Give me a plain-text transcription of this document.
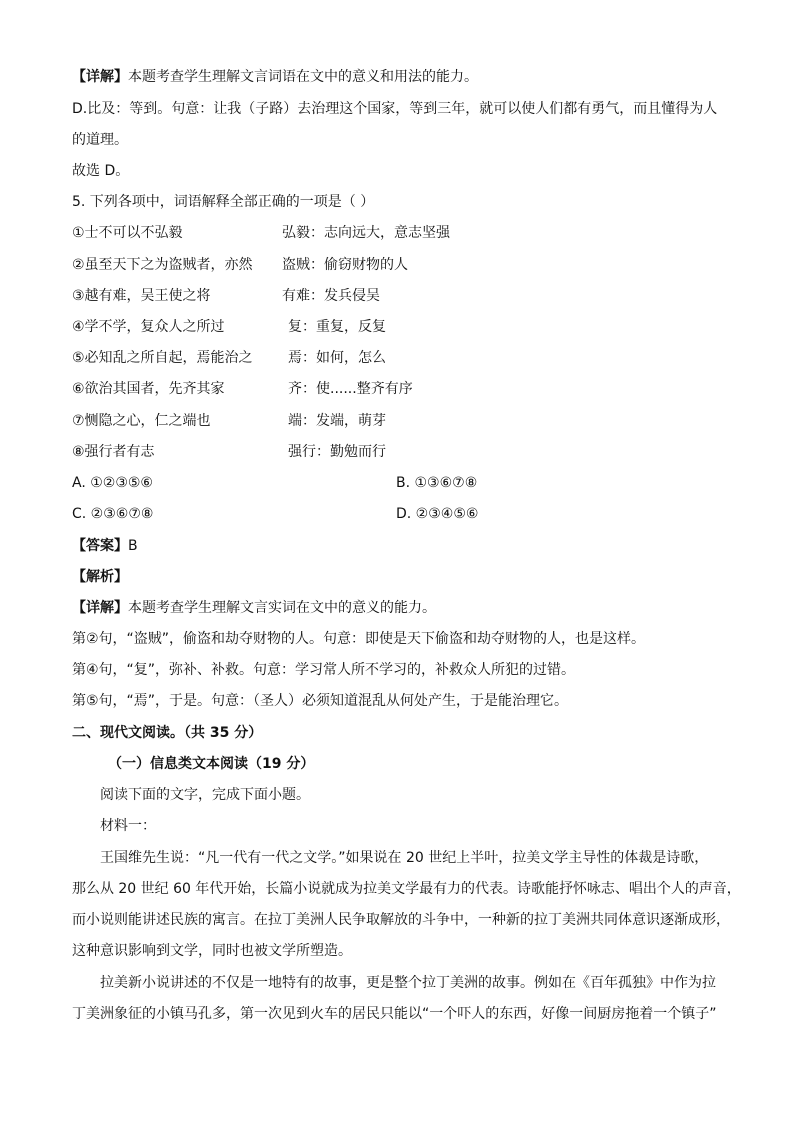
【详解】本题考查学生理解文言词语在文中的意义和用法的能力。
D.比及：等到。句意：让我（子路）去治理这个国家，等到三年，就可以使人们都有勇气，而且懂得为人
的道理。
故选 D。
5. 下列各项中，词语解释全部正确的一项是（ ）
①士不可以不弘毅	弘毅：志向远大，意志坚强
②虽至天下之为盗贼者，亦然 盗贼：偷窃财物的人
③越有难，吴王使之将	有难：发兵侵吴
④学不学，复众人之所过	复：重复，反复
⑤必知乱之所自起，焉能治之	焉：如何，怎么
⑥欲治其国者，先齐其家	齐：使......整齐有序
⑦恻隐之心，仁之端也	端：发端，萌芽
⑧强行者有志	强行：勤勉而行
A. ①②③⑤⑥	B. ①③⑥⑦⑧
C. ②③⑥⑦⑧	D. ②③④⑤⑥
【答案】B
【解析】
【详解】本题考查学生理解文言实词在文中的意义的能力。
第②句，“盗贼”，偷盗和劫夺财物的人。句意：即使是天下偷盗和劫夺财物的人，也是这样。
第④句，“复”，弥补、补救。句意：学习常人所不学习的，补救众人所犯的过错。
第⑤句，“焉”，于是。句意：（圣人）必须知道混乱从何处产生，于是能治理它。
二、现代文阅读。（共 35 分）
（一）信息类文本阅读（19 分）
阅读下面的文字，完成下面小题。
材料一：
王国维先生说：“凡一代有一代之文学。”如果说在 20 世纪上半叶，拉美文学主导性的体裁是诗歌，
那么从 20 世纪 60 年代开始，长篇小说就成为拉美文学最有力的代表。诗歌能抒怀咏志、唱出个人的声音，
而小说则能讲述民族的寓言。在拉丁美洲人民争取解放的斗争中，一种新的拉丁美洲共同体意识逐渐成形，
这种意识影响到文学，同时也被文学所塑造。
拉美新小说讲述的不仅是一地特有的故事，更是整个拉丁美洲的故事。例如在《百年孤独》中作为拉
丁美洲象征的小镇马孔多，第一次见到火车的居民只能以“一个吓人的东西，好像一间厨房拖着一个镇子”
